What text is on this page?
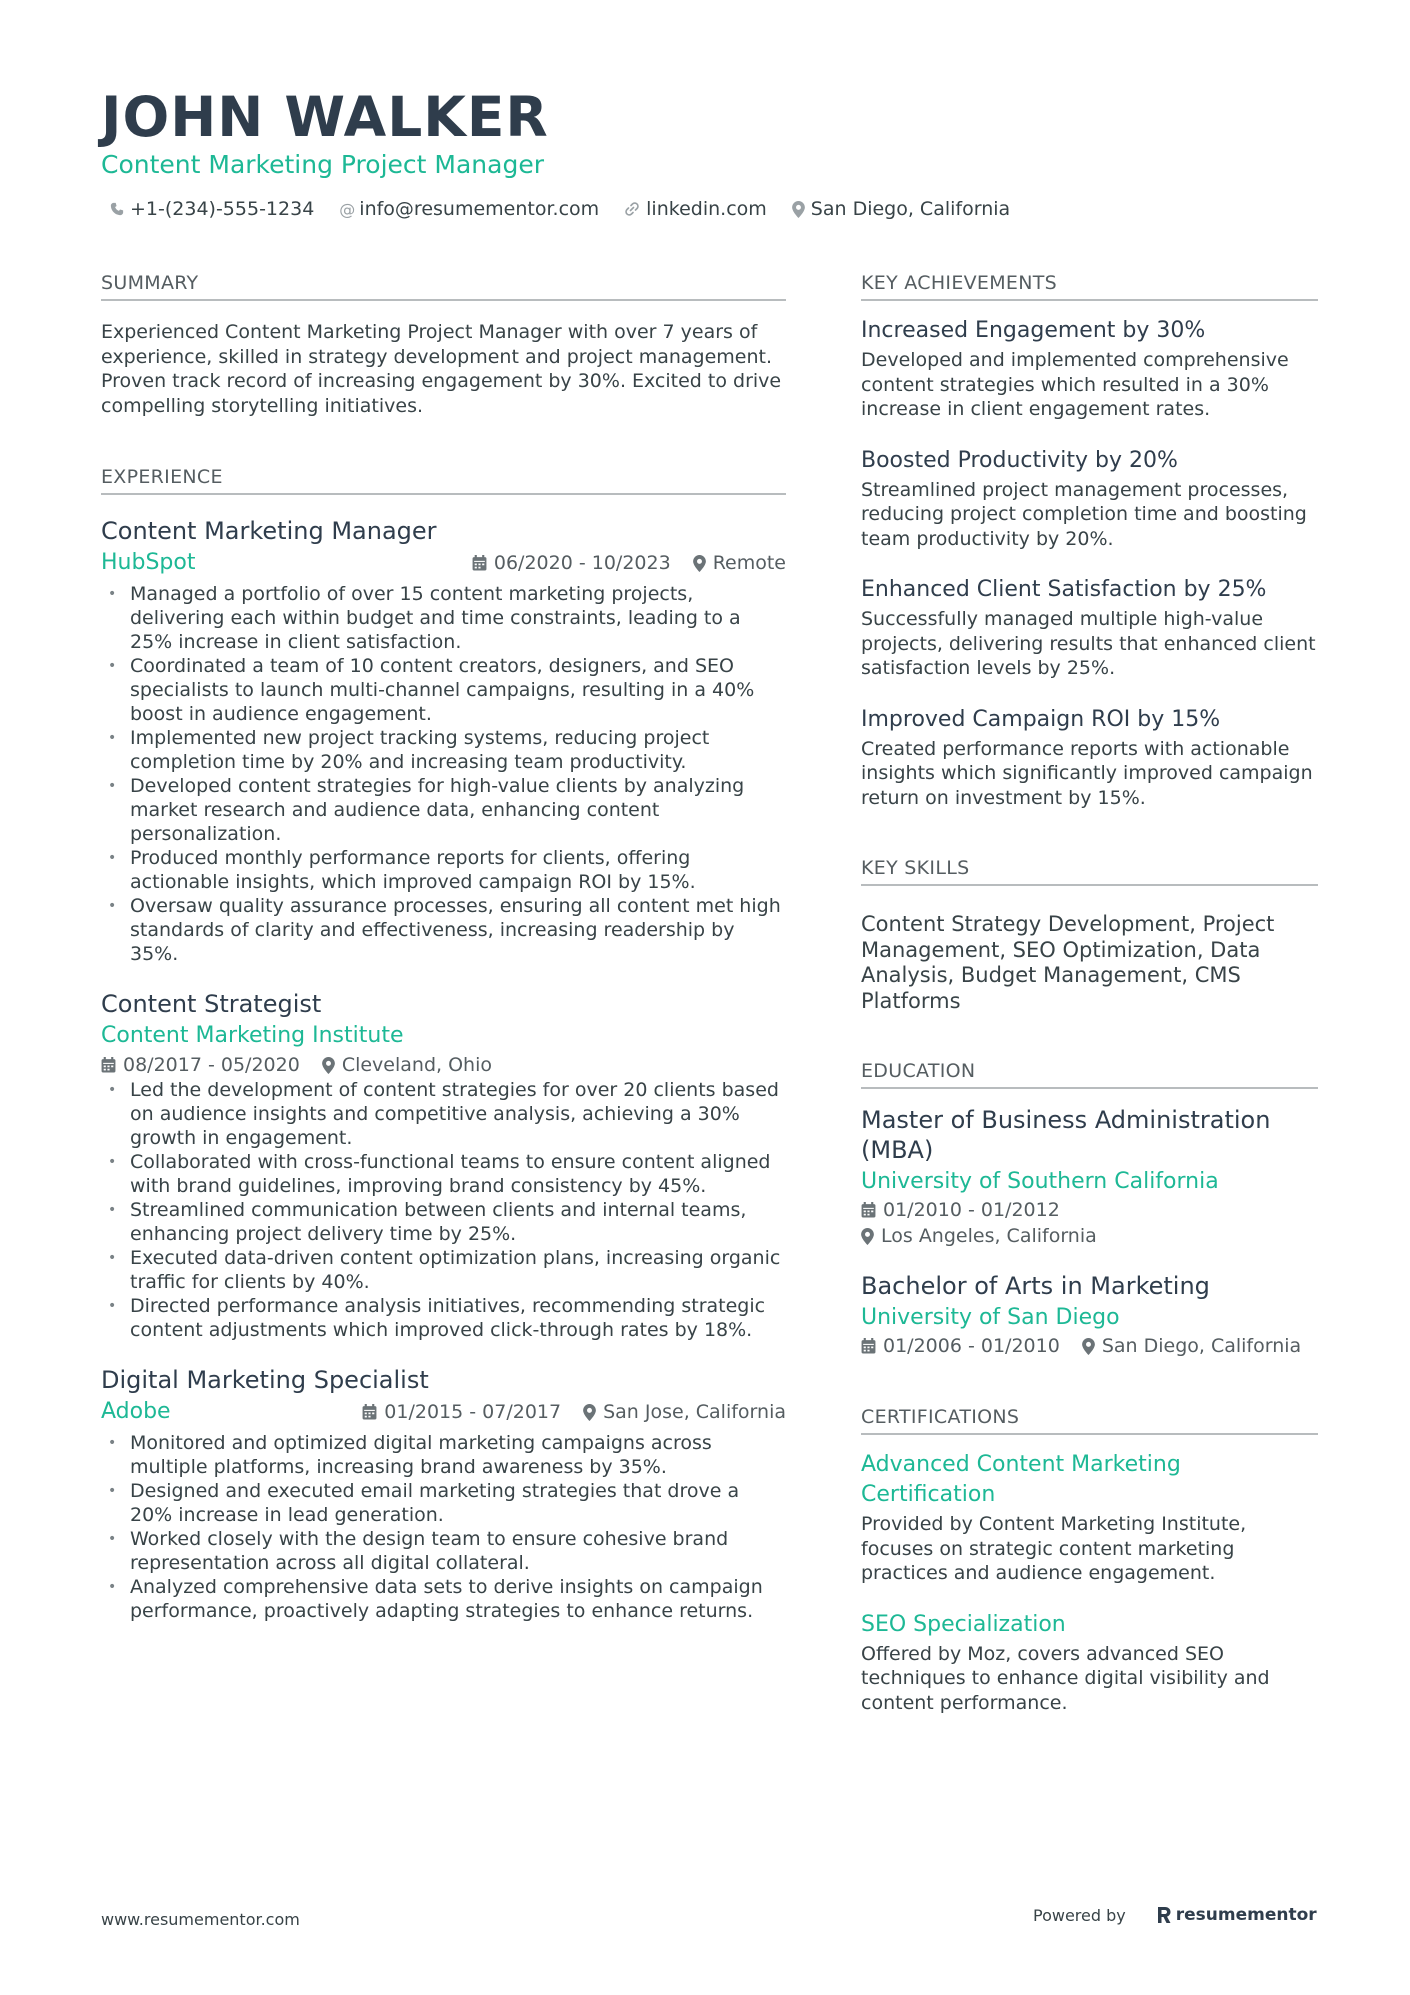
JOHN WALKER
Content Marketing Project Manager
+1-(234)-555-1234 @ info@resumementor.com linkedin.com San Diego, California
SUMMARY

Experienced Content Marketing Project Manager with over 7 years of experience, skilled in strategy development and project management. Proven track record of increasing engagement by 30%. Excited to drive compelling storytelling initiatives.

EXPERIENCE
Content Marketing Manager
HubSpot	06/2020 - 10/2023 Remote
• Managed a portfolio of over 15 content marketing projects, delivering each within budget and time constraints, leading to a 25% increase in client satisfaction.
• Coordinated a team of 10 content creators, designers, and SEO specialists to launch multi-channel campaigns, resulting in a 40% boost in audience engagement.
• Implemented new project tracking systems, reducing project completion time by 20% and increasing team productivity.
• Developed content strategies for high-value clients by analyzing market research and audience data, enhancing content personalization.
• Produced monthly performance reports for clients, offering actionable insights, which improved campaign ROI by 15%.
• Oversaw quality assurance processes, ensuring all content met high standards of clarity and effectiveness, increasing readership by 35%.
Content Strategist
Content Marketing Institute
08/2017 - 05/2020 Cleveland, Ohio
• Led the development of content strategies for over 20 clients based on audience insights and competitive analysis, achieving a 30% growth in engagement.
• Collaborated with cross-functional teams to ensure content aligned with brand guidelines, improving brand consistency by 45%.
• Streamlined communication between clients and internal teams, enhancing project delivery time by 25%.
• Executed data-driven content optimization plans, increasing organic traffic for clients by 40%.
• Directed performance analysis initiatives, recommending strategic content adjustments which improved click-through rates by 18%.
Digital Marketing Specialist
Adobe	01/2015 - 07/2017 San Jose, California
• Monitored and optimized digital marketing campaigns across multiple platforms, increasing brand awareness by 35%.
• Designed and executed email marketing strategies that drove a 20% increase in lead generation.
• Worked closely with the design team to ensure cohesive brand representation across all digital collateral.
• Analyzed comprehensive data sets to derive insights on campaign performance, proactively adapting strategies to enhance returns.
KEY ACHIEVEMENTS
Increased Engagement by 30%

Developed and implemented comprehensive content strategies which resulted in a 30% increase in client engagement rates.

Boosted Productivity by 20%

Streamlined project management processes, reducing project completion time and boosting team productivity by 20%.

Enhanced Client Satisfaction by 25%

Successfully managed multiple high-value projects, delivering results that enhanced client satisfaction levels by 25%.

Improved Campaign ROI by 15%

Created performance reports with actionable insights which significantly improved campaign return on investment by 15%.

KEY SKILLS

Content Strategy Development, Project Management, SEO Optimization, Data Analysis, Budget Management, CMS Platforms

EDUCATION
Master of Business Administration (MBA)
University of Southern California
01/2010 - 01/2012
Los Angeles, California
Bachelor of Arts in Marketing
University of San Diego
01/2006 - 01/2010 San Diego, California
CERTIFICATIONS
Advanced Content Marketing Certification

Provided by Content Marketing Institute, focuses on strategic content marketing practices and audience engagement.

SEO Specialization

Offered by Moz, covers advanced SEO techniques to enhance digital visibility and content performance.

www.resumementor.com	Powered by	resumementor
